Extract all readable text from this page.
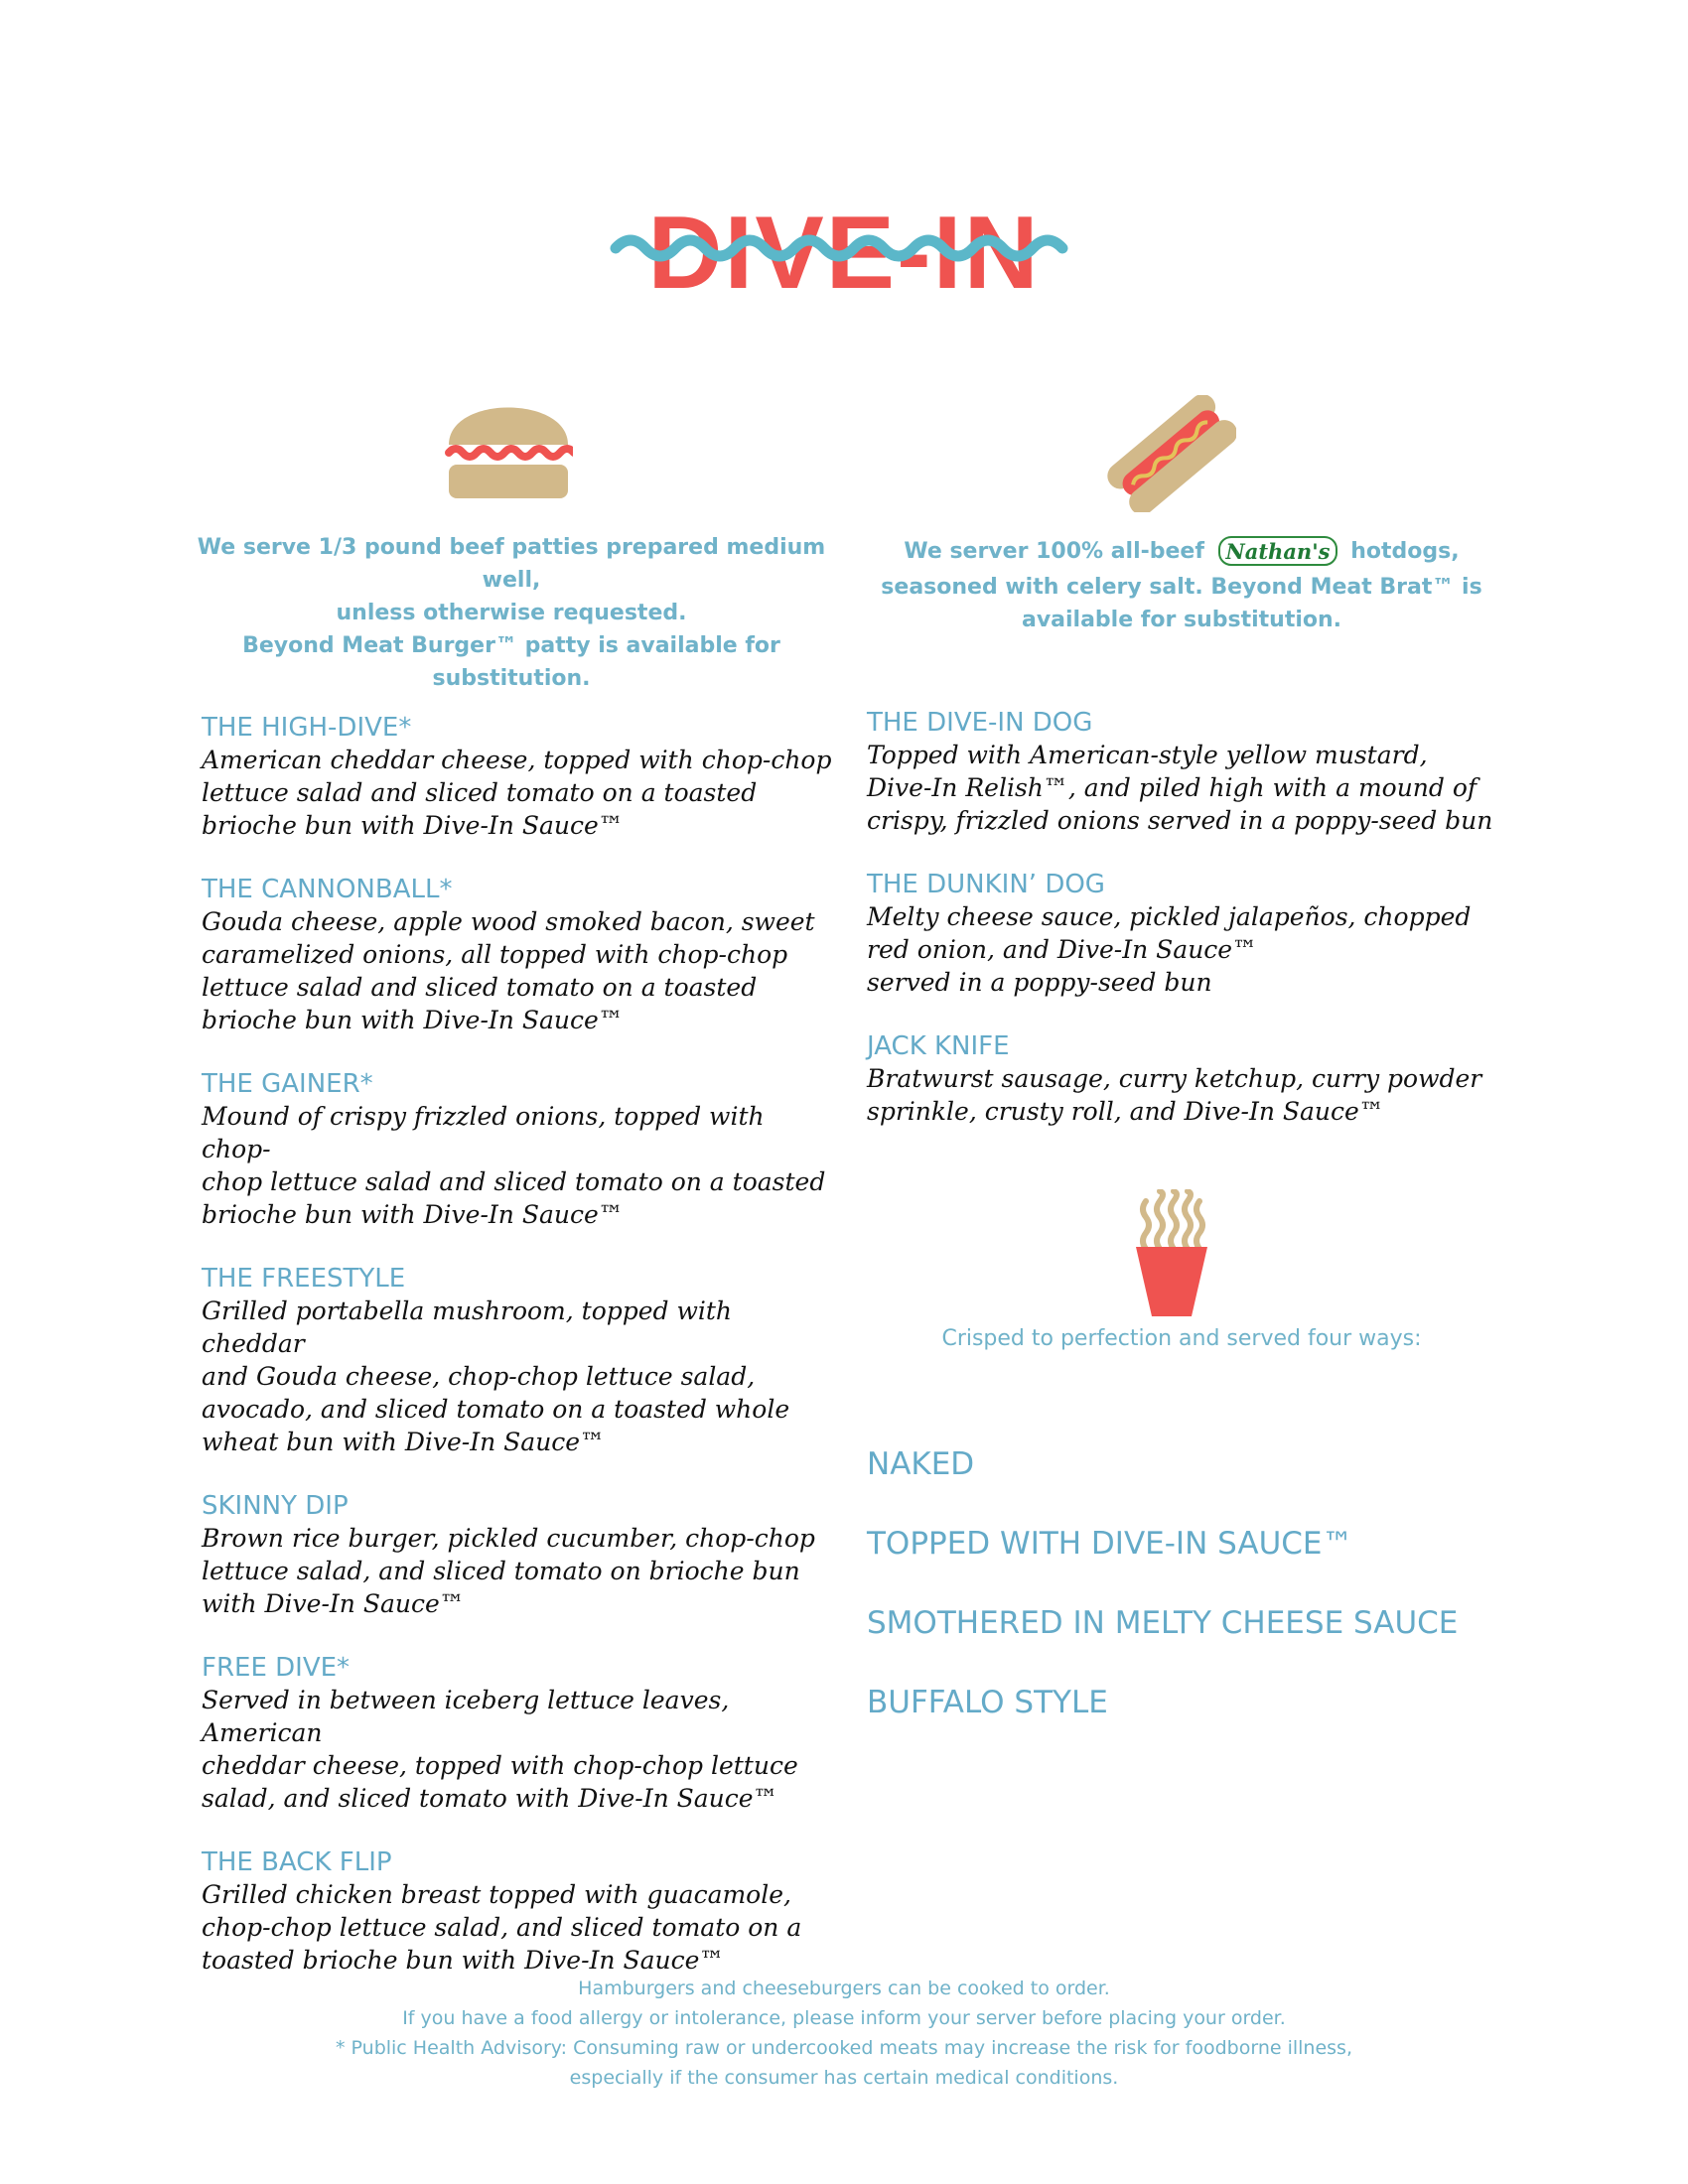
DIVE-IN

We serve 1/3 pound beef patties prepared medium well,

unless otherwise requested.

Beyond Meat Burger™ patty is available for substitution.

We server 100% all-beef Nathan's hotdogs,

seasoned with celery salt. Beyond Meat Brat™ is

available for substitution.

THE HIGH-DIVE*

American cheddar cheese, topped with chop-chop
lettuce salad and sliced tomato on a toasted
brioche bun with Dive-In Sauce™

THE CANNONBALL*

Gouda cheese, apple wood smoked bacon, sweet
caramelized onions, all topped with chop-chop
lettuce salad and sliced tomato on a toasted
brioche bun with Dive-In Sauce™

THE GAINER*

Mound of crispy frizzled onions, topped with chop-
chop lettuce salad and sliced tomato on a toasted
brioche bun with Dive-In Sauce™

THE FREESTYLE

Grilled portabella mushroom, topped with cheddar
and Gouda cheese, chop-chop lettuce salad,
avocado, and sliced tomato on a toasted whole
wheat bun with Dive-In Sauce™

SKINNY DIP

Brown rice burger, pickled cucumber, chop-chop
lettuce salad, and sliced tomato on brioche bun
with Dive-In Sauce™

FREE DIVE*

Served in between iceberg lettuce leaves, American
cheddar cheese, topped with chop-chop lettuce
salad, and sliced tomato with Dive-In Sauce™

THE BACK FLIP

Grilled chicken breast topped with guacamole,
chop-chop lettuce salad, and sliced tomato on a
toasted brioche bun with Dive-In Sauce™

THE DIVE-IN DOG

Topped with American-style yellow mustard,
Dive-In Relish™, and piled high with a mound of
crispy, frizzled onions served in a poppy-seed bun

THE DUNKIN’ DOG

Melty cheese sauce, pickled jalapeños, chopped
red onion, and Dive-In Sauce™
served in a poppy-seed bun

JACK KNIFE

Bratwurst sausage, curry ketchup, curry powder
sprinkle, crusty roll, and Dive-In Sauce™

Crisped to perfection and served four ways:

NAKED

TOPPED WITH DIVE-IN SAUCE™

SMOTHERED IN MELTY CHEESE SAUCE

BUFFALO STYLE

Hamburgers and cheeseburgers can be cooked to order.

If you have a food allergy or intolerance, please inform your server before placing your order.

* Public Health Advisory: Consuming raw or undercooked meats may increase the risk for foodborne illness,

especially if the consumer has certain medical conditions.
